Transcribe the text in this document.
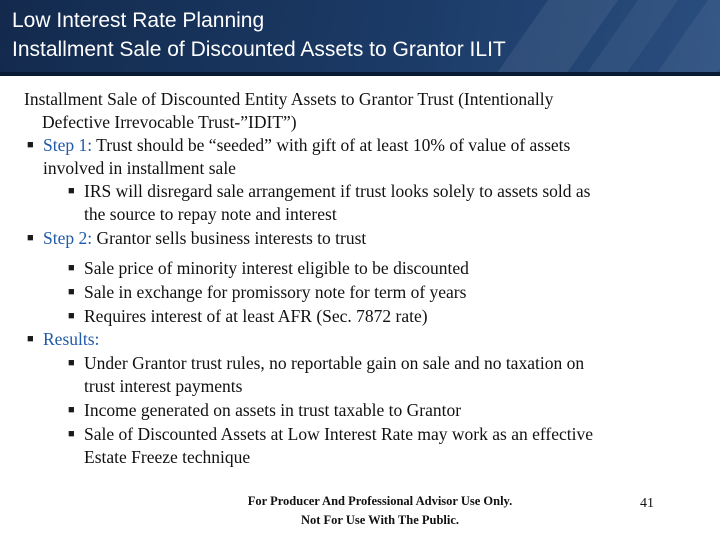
Low Interest Rate Planning
Installment Sale of Discounted Assets to Grantor ILIT
Installment Sale of Discounted Entity Assets to Grantor Trust (Intentionally
Defective Irrevocable Trust-”IDIT”)
■ Step 1: Trust should be “seeded” with gift of at least 10% of value of assets
involved in installment sale
■ IRS will disregard sale arrangement if trust looks solely to assets sold as
the source to repay note and interest
■ Step 2: Grantor sells business interests to trust
■ Sale price of minority interest eligible to be discounted
■ Sale in exchange for promissory note for term of years
■ Requires interest of at least AFR (Sec. 7872 rate)
■ Results:
■ Under Grantor trust rules, no reportable gain on sale and no taxation on
trust interest payments
■ Income generated on assets in trust taxable to Grantor
■ Sale of Discounted Assets at Low Interest Rate may work as an effective
Estate Freeze technique
For Producer And Professional Advisor Use Only.
Not For Use With The Public.
41
